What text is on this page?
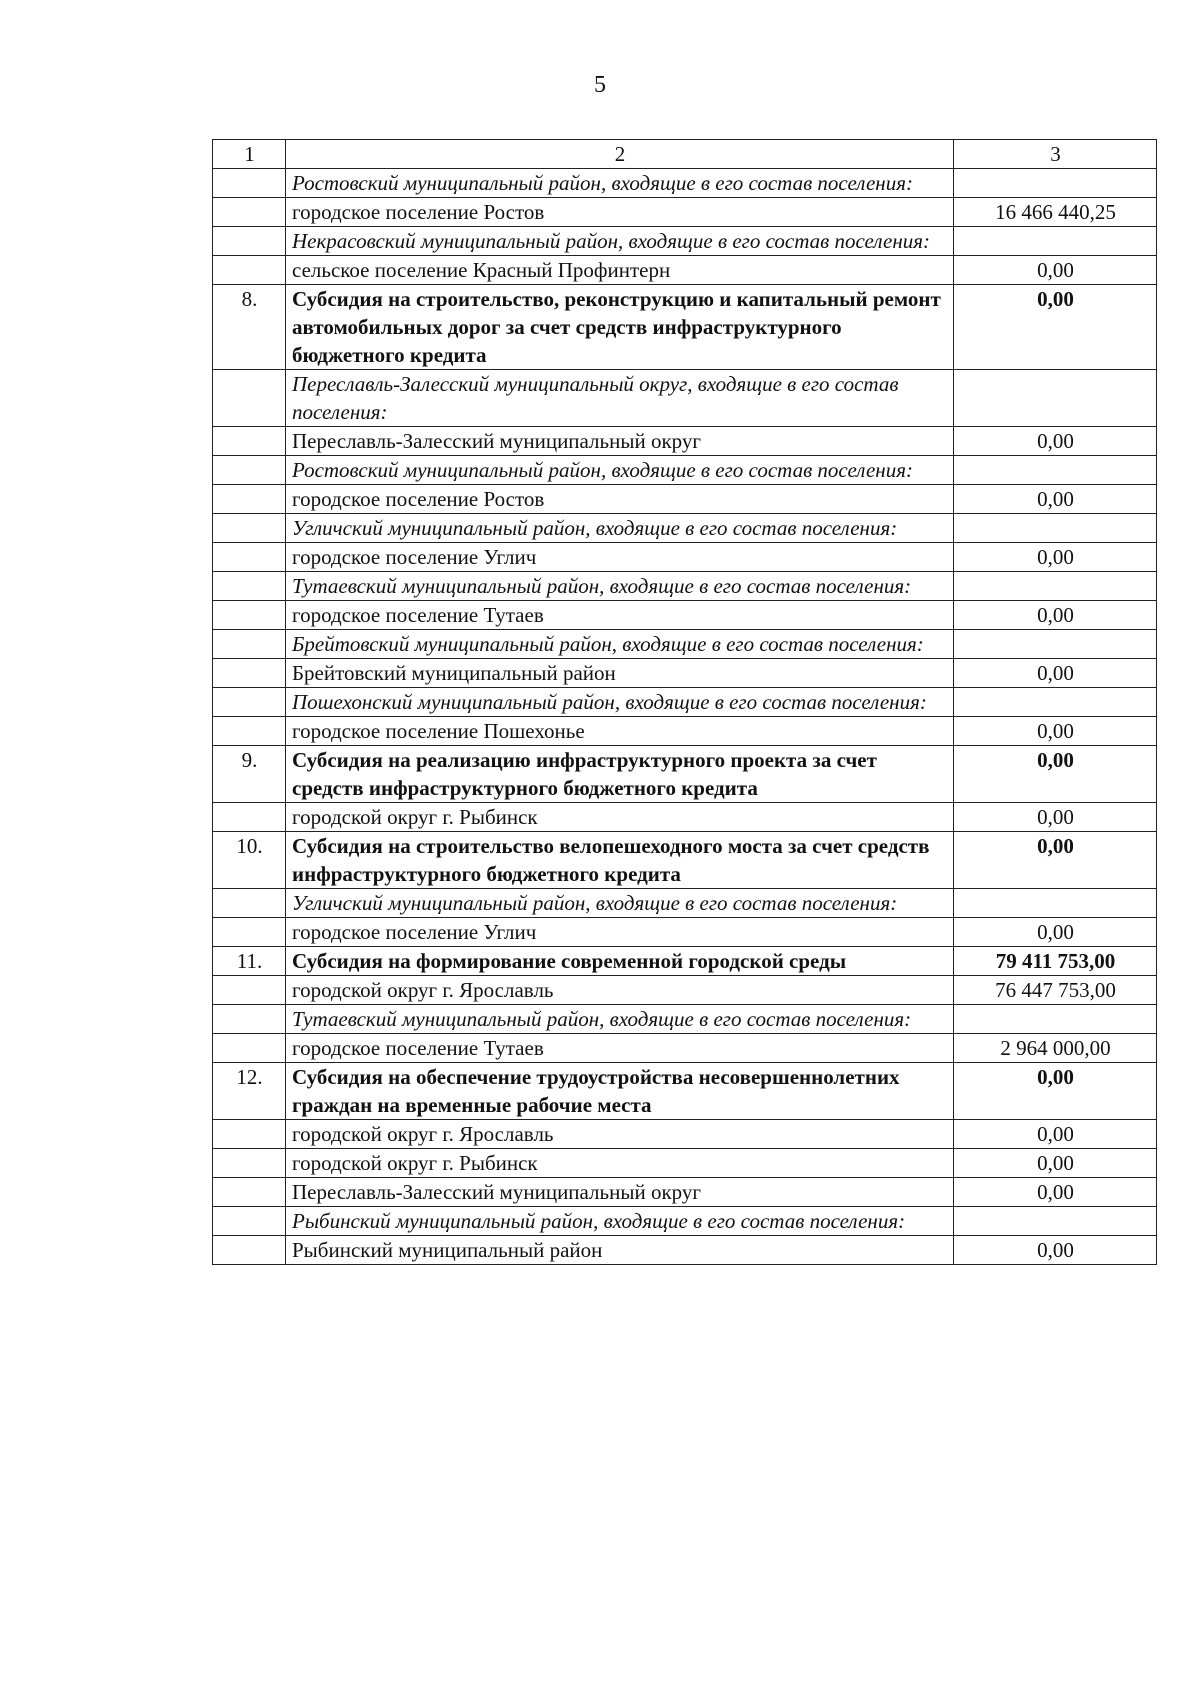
5
1	2	3
	Ростовский муниципальный район, входящие в его состав поселения:	
	городское поселение Ростов	16 466 440,25
	Некрасовский муниципальный район, входящие в его состав поселения:	
	сельское поселение Красный Профинтерн	0,00
8.	Субсидия на строительство, реконструкцию и капитальный ремонт автомобильных дорог за счет средств инфраструктурного бюджетного кредита	0,00
	Переславль-Залесский муниципальный округ, входящие в его состав поселения:	
	Переславль-Залесский муниципальный округ	0,00
	Ростовский муниципальный район, входящие в его состав поселения:	
	городское поселение Ростов	0,00
	Угличский муниципальный район, входящие в его состав поселения:	
	городское поселение Углич	0,00
	Тутаевский муниципальный район, входящие в его состав поселения:	
	городское поселение Тутаев	0,00
	Брейтовский муниципальный район, входящие в его состав поселения:	
	Брейтовский муниципальный район	0,00
	Пошехонский муниципальный район, входящие в его состав поселения:	
	городское поселение Пошехонье	0,00
9.	Субсидия на реализацию инфраструктурного проекта за счет средств инфраструктурного бюджетного кредита	0,00
	городской округ г. Рыбинск	0,00
10.	Субсидия на строительство велопешеходного моста за счет средств инфраструктурного бюджетного кредита	0,00
	Угличский муниципальный район, входящие в его состав поселения:	
	городское поселение Углич	0,00
11.	Субсидия на формирование современной городской среды	79 411 753,00
	городской округ г. Ярославль	76 447 753,00
	Тутаевский муниципальный район, входящие в его состав поселения:	
	городское поселение Тутаев	2 964 000,00
12.	Субсидия на обеспечение трудоустройства несовершеннолетних граждан на временные рабочие места	0,00
	городской округ г. Ярославль	0,00
	городской округ г. Рыбинск	0,00
	Переславль-Залесский муниципальный округ	0,00
	Рыбинский муниципальный район, входящие в его состав поселения:	
	Рыбинский муниципальный район	0,00
